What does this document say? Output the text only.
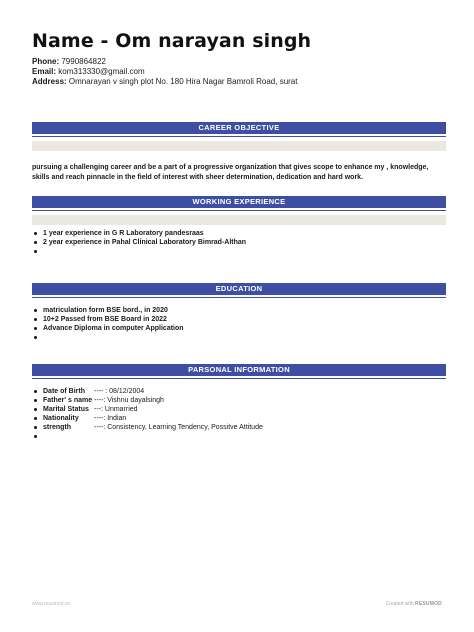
Name - Om narayan singh
Phone: 7990864822
Email: kom313330@gmail.com
Address: Omnarayan v singh plot No. 180 Hira Nagar Bamroli Road, surat
CAREER OBJECTIVE
pursuing a challenging career and be a part of a progressive organization that gives scope to enhance my , knowledge, skills and reach pinnacle in the field of interest with sheer determination, dedication and hard work.
WORKING EXPERIENCE
1 year experience in G R Laboratory pandesraas
2 year experience in Pahal Clinical Laboratory Bimrad-Althan
EDUCATION
matriculation form BSE bord., in 2020
10+2 Passed from BSE Board in 2022
Advance Diploma in computer Application
PARSONAL INFORMATION
Date of Birth ---- : 08/12/2004
Father' s name ----: Vishnu dayalsingh
Marital Status ---: Unmarried
Nationality ----: Indian
strength	----: Consistency, Learning Tendency, Possitve Attitude
www.resumod.co	Created with RESUMOD
